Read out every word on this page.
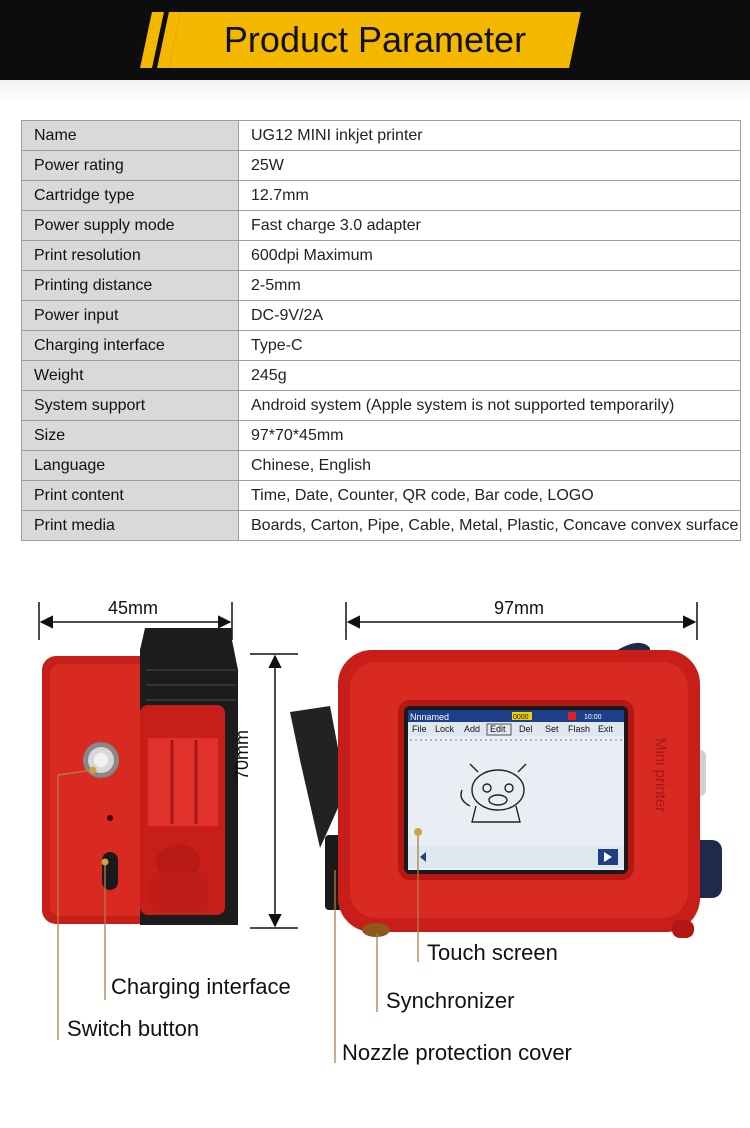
Product Parameter
Name	UG12 MINI inkjet printer
Power rating	25W
Cartridge type	12.7mm
Power supply mode	Fast charge 3.0 adapter
Print resolution	600dpi Maximum
Printing distance	2-5mm
Power input	DC-9V/2A
Charging interface	Type-C
Weight	245g
System support	Android system (Apple system is not supported temporarily)
Size	97*70*45mm
Language	Chinese, English
Print content	Time, Date, Counter, QR code, Bar code, LOGO
Print media	Boards, Carton, Pipe, Cable, Metal, Plastic, Concave convex surface
Mini printer
Nnnamed	0000	10:00
File Lock Add Edit Del Set Flash Exit
45mm	97mm
70mm
Touch screen
Charging interface
Synchronizer
Switch button
Nozzle protection cover
